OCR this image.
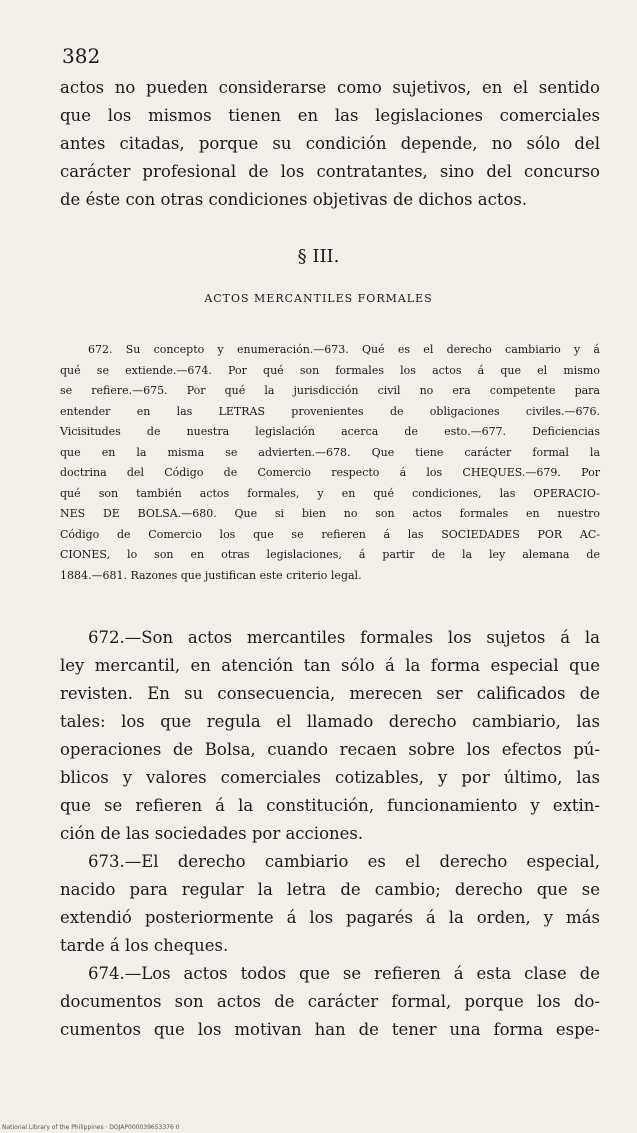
382
actos no pueden considerarse como sujetivos, en el sentido
que los mismos tienen en las legislaciones comerciales
antes citadas, porque su condición depende, no sólo del
carácter profesional de los contratantes, sino del concurso
de éste con otras condiciones objetivas de dichos actos.
§ III.
ACTOS MERCANTILES FORMALES
672. Su concepto y enumeración.—673. Qué es el derecho cambiario y á
qué se extiende.—674. Por qué son formales los actos á que el mismo
se refiere.—675. Por qué la jurisdicción civil no era competente para
entender en las LETRAS provenientes de obligaciones civiles.—676.
Vicisitudes de nuestra legislación acerca de esto.—677. Deficiencias
que en la misma se advierten.—678. Que tiene carácter formal la
doctrina del Código de Comercio respecto á los CHEQUES.—679. Por
qué son también actos formales, y en qué condiciones, las OPERACIO-
NES DE BOLSA.—680. Que si bien no son actos formales en nuestro
Código de Comercio los que se refieren á las SOCIEDADES POR AC-
CIONES, lo son en otras legislaciones, á partir de la ley alemana de
1884.—681. Razones que justifican este criterio legal.
672.—Son actos mercantiles formales los sujetos á la
ley mercantil, en atención tan sólo á la forma especial que
revisten. En su consecuencia, merecen ser calificados de
tales: los que regula el llamado derecho cambiario, las
operaciones de Bolsa, cuando recaen sobre los efectos pú-
blicos y valores comerciales cotizables, y por último, las
que se refieren á la constitución, funcionamiento y extin-
ción de las sociedades por acciones.
673.—El derecho cambiario es el derecho especial,
nacido para regular la letra de cambio; derecho que se
extendió posteriormente á los pagarés á la orden, y más
tarde á los cheques.
674.—Los actos todos que se refieren á esta clase de
documentos son actos de carácter formal, porque los do-
cumentos que los motivan han de tener una forma espe-
National Library of the Philippines · DOJAP000039653376 0
